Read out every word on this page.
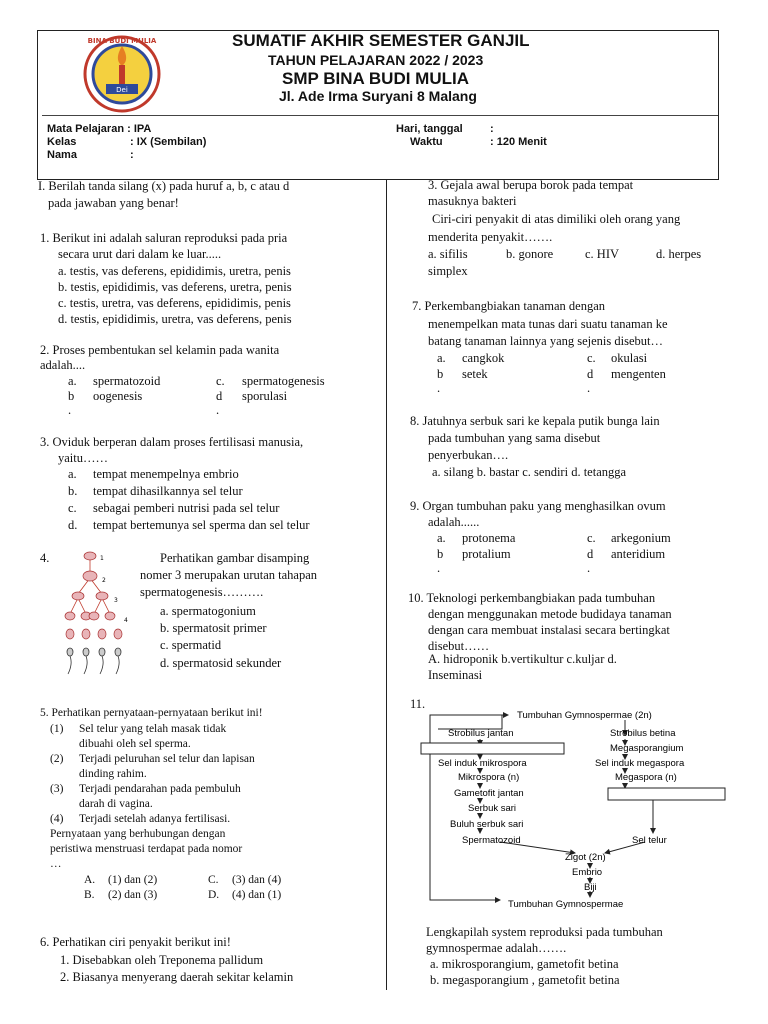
Dei
BINA BUDI MULIA	SUMATIF AKHIR SEMESTER GANJIL
TAHUN PELAJARAN 2022 / 2023
SMP BINA BUDI MULIA
Jl. Ade Irma Suryani 8 Malang
Mata Pelajaran : IPA
Kelas	: IX (Sembilan)
Nama	:
Hari, tanggal :
Waktu	: 120 Menit
I. Berilah tanda silang (x) pada huruf a, b, c atau d
pada jawaban yang benar!
1. Berikut ini adalah saluran reproduksi pada pria
secara urut dari dalam ke luar.....
a. testis, vas deferens, epididimis, uretra, penis
b. testis, epididimis, vas deferens, uretra, penis
c. testis, uretra, vas deferens, epididimis, penis
d. testis, epididimis, uretra, vas deferens, penis
2. Proses pembentukan sel kelamin pada wanita
adalah....
a. spermatozoid	c. spermatogenesis
b oogenesis	d sporulasi
.	.
3. Oviduk berperan dalam proses fertilisasi manusia,
yaitu……
a. tempat menempelnya embrio
b. tempat dihasilkannya sel telur
c. sebagai pemberi nutrisi pada sel telur
d. tempat bertemunya sel sperma dan sel telur
4.	1
2
3
4
Perhatikan gambar disamping
nomer 3 merupakan urutan tahapan
spermatogenesis……….
a. spermatogonium
b. spermatosit primer
c. spermatid
d. spermatosid sekunder
5. Perhatikan pernyataan-pernyataan berikut ini!
(1) Sel telur yang telah masak tidak
dibuahi oleh sel sperma.
(2) Terjadi peluruhan sel telur dan lapisan
dinding rahim.
(3) Terjadi pendarahan pada pembuluh
darah di vagina.
(4) Terjadi setelah adanya fertilisasi.
Pernyataan yang berhubungan dengan
peristiwa menstruasi terdapat pada nomor
…
A. (1) dan (2)	C. (3) dan (4)
B. (2) dan (3)	D. (4) dan (1)
6. Perhatikan ciri penyakit berikut ini!
1. Disebabkan oleh Treponema pallidum
2. Biasanya menyerang daerah sekitar kelamin
3. Gejala awal berupa borok pada tempat
masuknya bakteri
Ciri-ciri penyakit di atas dimiliki oleh orang yang
menderita penyakit…….
a. sifilis	b. gonore	c. HIV	d. herpes
simplex
7. Perkembangbiakan tanaman dengan
menempelkan mata tunas dari suatu tanaman ke
batang tanaman lainnya yang sejenis disebut…
a. cangkok	c. okulasi
b setek	d mengenten
.	.
8. Jatuhnya serbuk sari ke kepala putik bunga lain
pada tumbuhan yang sama disebut
penyerbukan….
a. silang b. bastar c. sendiri d. tetangga
9. Organ tumbuhan paku yang menghasilkan ovum
adalah......
a. protonema	c. arkegonium
b protalium	d anteridium
.	.
10. Teknologi perkembangbiakan pada tumbuhan
dengan menggunakan metode budidaya tanaman
dengan cara membuat instalasi secara bertingkat
disebut……
A. hidroponik b.vertikultur c.kuljar d.
Inseminasi
11.
Tumbuhan Gymnospermae (2n)
Strobilus jantan	Strobilus betina
Megasporangium
Sel induk mikrospora	Sel induk megaspora
Mikrospora (n)	Megaspora (n)
Gametofit jantan
Serbuk sari
Buluh serbuk sari
Spermatozoid	Sel telur
Zigot (2n)
Embrio
Biji
Tumbuhan Gymnospermae
Lengkapilah system reproduksi pada tumbuhan
gymnospermae adalah…….
a. mikrosporangium, gametofit betina
b. megasporangium , gametofit betina
